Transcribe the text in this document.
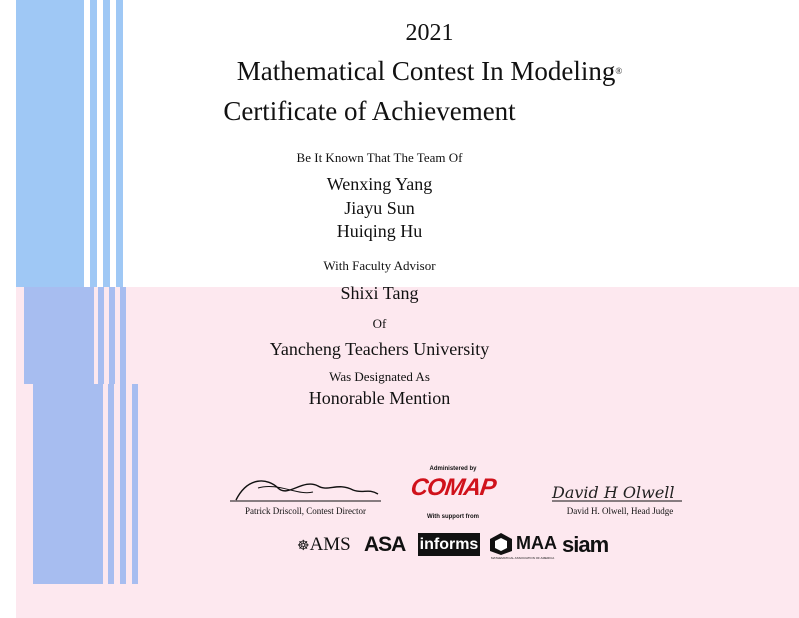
2021
Mathematical Contest In Modeling®
Certificate of Achievement
Be It Known That The Team Of
Wenxing Yang
Jiayu Sun
Huiqing Hu
With Faculty Advisor
Shixi Tang
Of
Yancheng Teachers University
Was Designated As
Honorable Mention
Patrick Driscoll, Contest Director
David H Olwell
David H. Olwell, Head Judge
Administered by
COMAP
With support from
☸AMS ASA informs MAA
MATHEMATICAL ASSOCIATION OF AMERICA
siam
